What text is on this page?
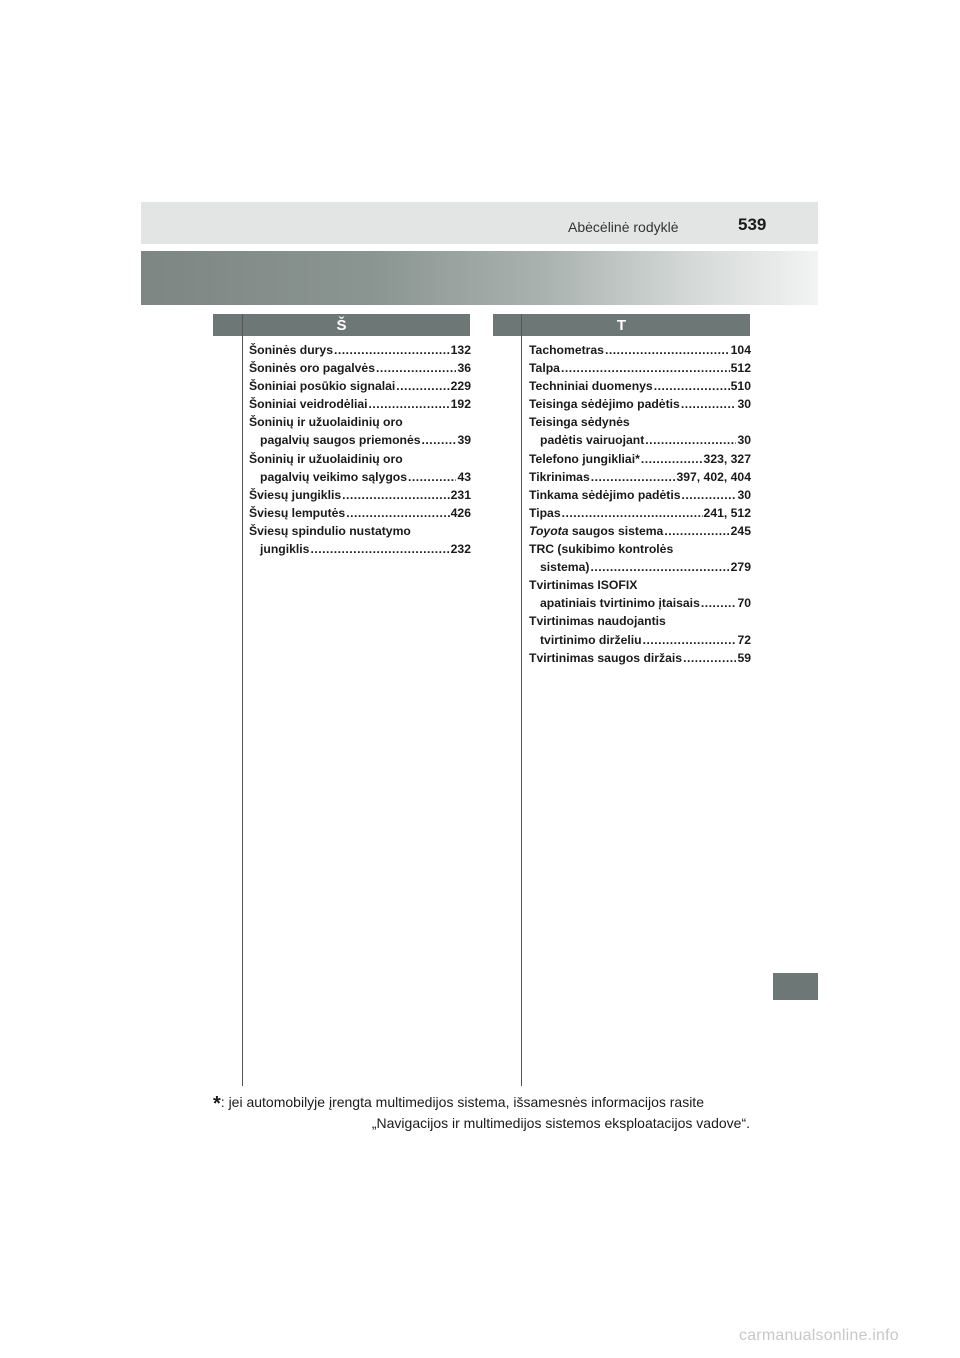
Abėcėlinė rodyklė	539
Š	T
Šoninės durys .....	132
Šoninės oro pagalvės .....	36
Šoniniai posūkio signalai .....	229
Šoniniai veidrodėliai .....	192
Šoninių ir užuolaidinių oro
pagalvių saugos priemonės .....	39
Šoninių ir užuolaidinių oro
pagalvių veikimo sąlygos .....	43
Šviesų jungiklis .....	231
Šviesų lemputės .....	426
Šviesų spindulio nustatymo
jungiklis .....	232
Tachometras .....	104
Talpa .....	512
Techniniai duomenys .....	510
Teisinga sėdėjimo padėtis .....	30
Teisinga sėdynės
padėtis vairuojant .....	30
Telefono jungikliai* .....	323, 327
Tikrinimas .....	397, 402, 404
Tinkama sėdėjimo padėtis .....	30
Tipas .....	241, 512
Toyota saugos sistema .....	245
TRC (sukibimo kontrolės
sistema) .....	279
Tvirtinimas ISOFIX
apatiniais tvirtinimo įtaisais .....	70
Tvirtinimas naudojantis
tvirtinimo dirželiu .....	72
Tvirtinimas saugos diržais .....	59
*: jei automobilyje įrengta multimedijos sistema, išsamesnės informacijos rasite
„Navigacijos ir multimedijos sistemos eksploatacijos vadove“.
carmanualsonline.info
